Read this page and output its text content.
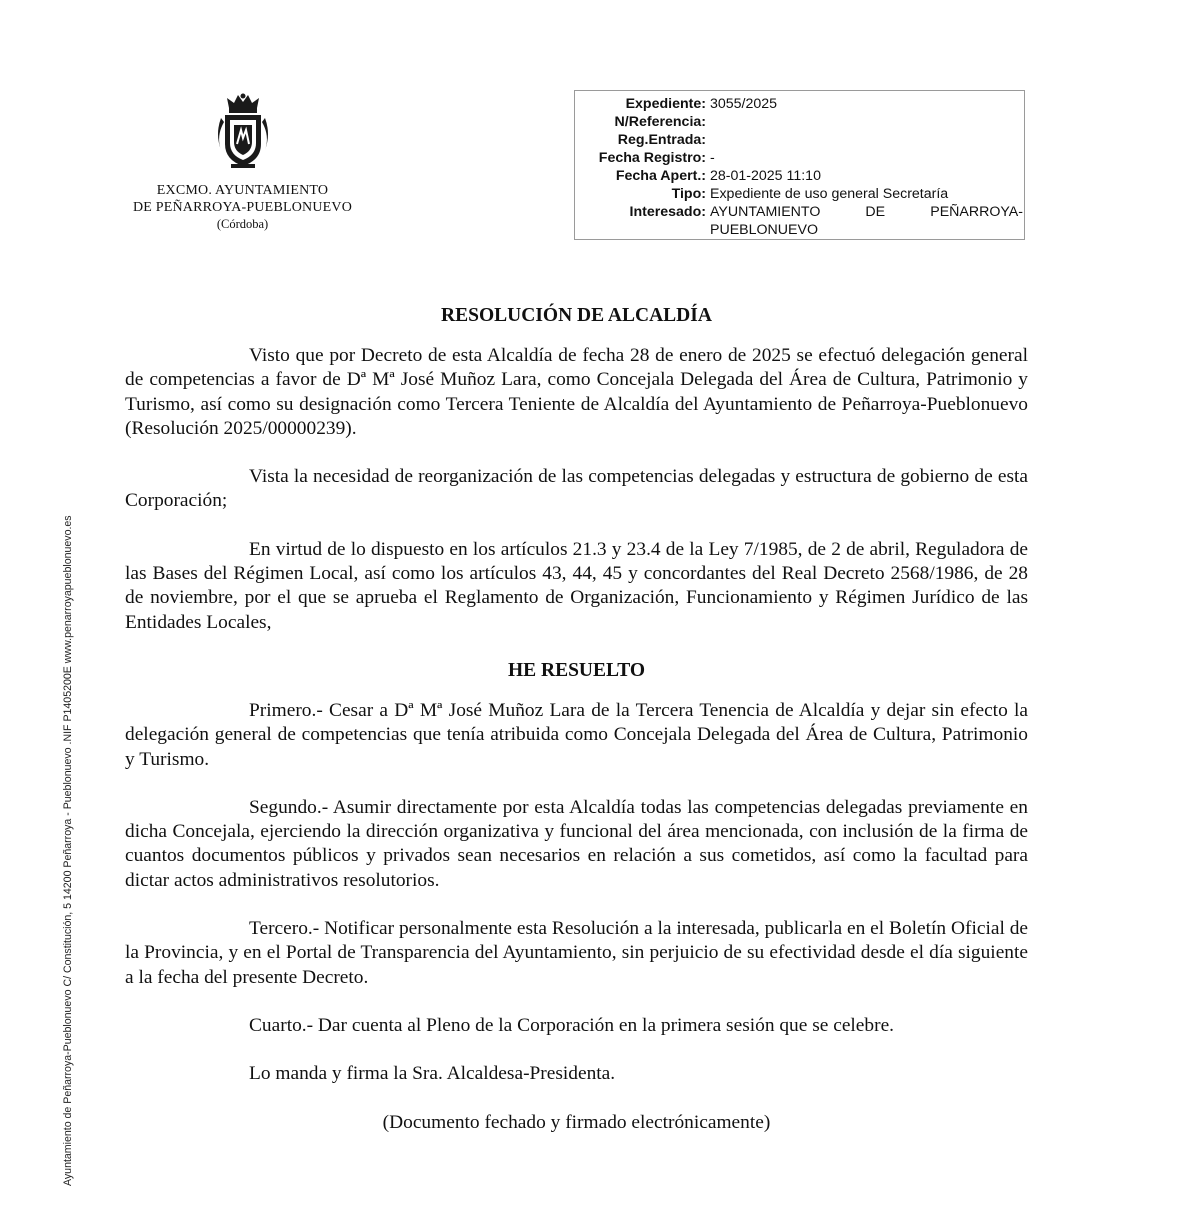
Ayuntamiento de Peñarroya-Pueblonuevo C/ Constitución, 5 14200 Peñarroya - Pueblonuevo .NIF P1405200E www.penarroyapueblonuevo.es
EXCMO. AYUNTAMIENTO
DE PEÑARROYA-PUEBLONUEVO
(Córdoba)
Expediente: 3055/2025
N/Referencia:
Reg.Entrada:
Fecha Registro: -
Fecha Apert.: 28-01-2025 11:10
Tipo: Expediente de uso general Secretaría
Interesado: AYUNTAMIENTO DE PEÑARROYA-
PUEBLONUEVO
RESOLUCIÓN DE ALCALDÍA

Visto que por Decreto de esta Alcaldía de fecha 28 de enero de 2025 se efectuó delegación general de competencias a favor de Dª Mª José Muñoz Lara, como Concejala Delegada del Área de Cultura, Patrimonio y Turismo, así como su designación como Tercera Teniente de Alcaldía del Ayuntamiento de Peñarroya-Pueblonuevo (Resolución 2025/00000239).

Vista la necesidad de reorganización de las competencias delegadas y estructura de gobierno de esta Corporación;

En virtud de lo dispuesto en los artículos 21.3 y 23.4 de la Ley 7/1985, de 2 de abril, Reguladora de las Bases del Régimen Local, así como los artículos 43, 44, 45 y concordantes del Real Decreto 2568/1986, de 28 de noviembre, por el que se aprueba el Reglamento de Organización, Funcionamiento y Régimen Jurídico de las Entidades Locales,

HE RESUELTO

Primero.- Cesar a Dª Mª José Muñoz Lara de la Tercera Tenencia de Alcaldía y dejar sin efecto la delegación general de competencias que tenía atribuida como Concejala Delegada del Área de Cultura, Patrimonio y Turismo.

Segundo.- Asumir directamente por esta Alcaldía todas las competencias delegadas previamente en dicha Concejala, ejerciendo la dirección organizativa y funcional del área mencionada, con inclusión de la firma de cuantos documentos públicos y privados sean necesarios en relación a sus cometidos, así como la facultad para dictar actos administrativos resolutorios.

Tercero.- Notificar personalmente esta Resolución a la interesada, publicarla en el Boletín Oficial de la Provincia, y en el Portal de Transparencia del Ayuntamiento, sin perjuicio de su efectividad desde el día siguiente a la fecha del presente Decreto.

Cuarto.- Dar cuenta al Pleno de la Corporación en la primera sesión que se celebre.

Lo manda y firma la Sra. Alcaldesa-Presidenta.

(Documento fechado y firmado electrónicamente)
